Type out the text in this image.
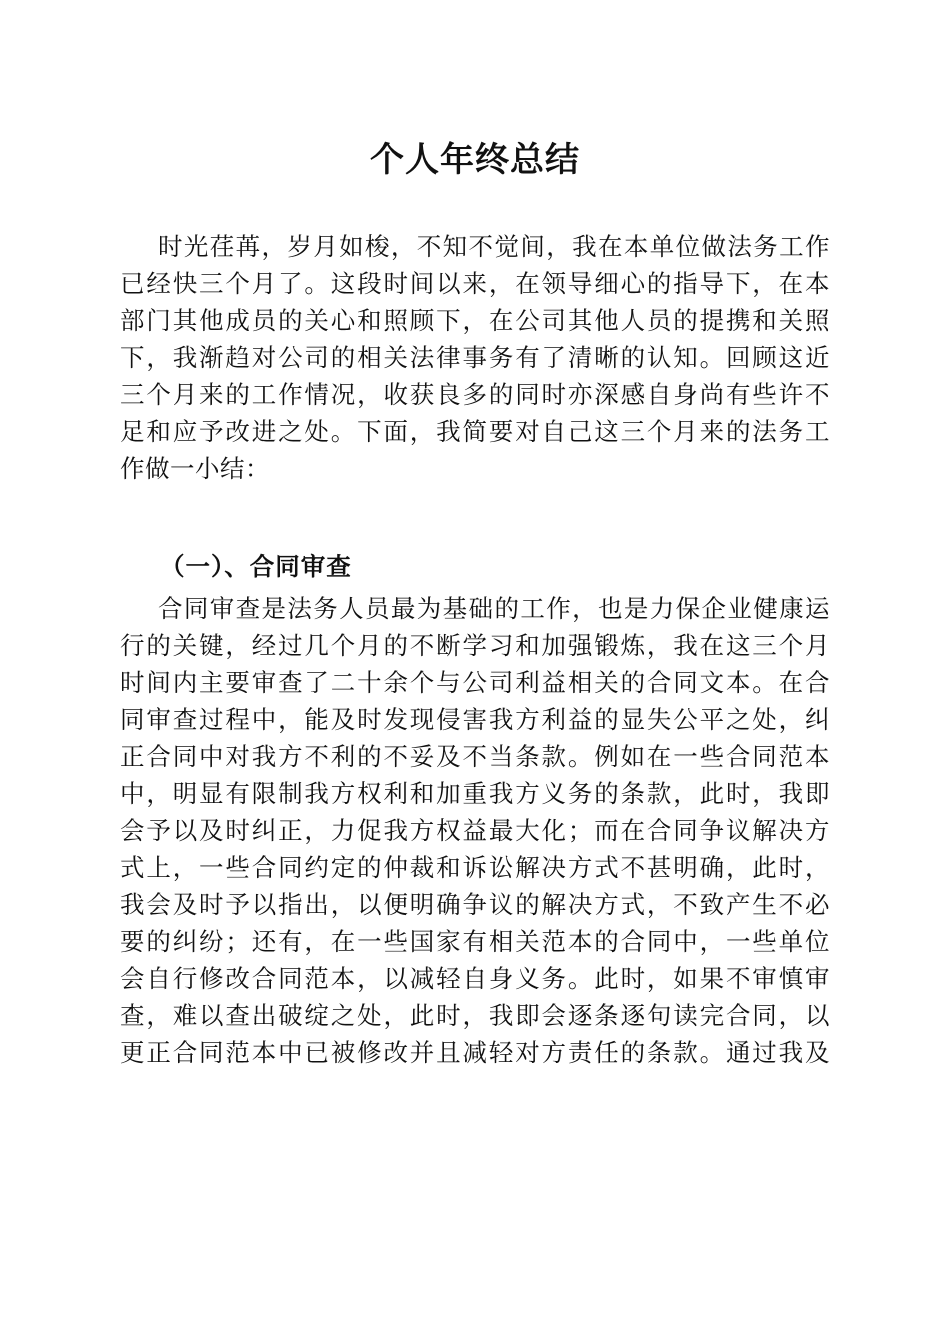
个人年终总结
时光荏苒，岁月如梭，不知不觉间，我在本单位做法务工作
已经快三个月了。这段时间以来，在领导细心的指导下，在本
部门其他成员的关心和照顾下，在公司其他人员的提携和关照
下，我渐趋对公司的相关法律事务有了清晰的认知。回顾这近
三个月来的工作情况，收获良多的同时亦深感自身尚有些许不
足和应予改进之处。下面，我简要对自己这三个月来的法务工
作做一小结：
（一）、合同审查
合同审查是法务人员最为基础的工作，也是力保企业健康运
行的关键，经过几个月的不断学习和加强锻炼，我在这三个月
时间内主要审查了二十余个与公司利益相关的合同文本。在合
同审查过程中，能及时发现侵害我方利益的显失公平之处，纠
正合同中对我方不利的不妥及不当条款。例如在一些合同范本
中，明显有限制我方权利和加重我方义务的条款，此时，我即
会予以及时纠正，力促我方权益最大化；而在合同争议解决方
式上，一些合同约定的仲裁和诉讼解决方式不甚明确，此时，
我会及时予以指出，以便明确争议的解决方式，不致产生不必
要的纠纷；还有，在一些国家有相关范本的合同中，一些单位
会自行修改合同范本，以减轻自身义务。此时，如果不审慎审
查，难以查出破绽之处，此时，我即会逐条逐句读完合同，以
更正合同范本中已被修改并且减轻对方责任的条款。通过我及
